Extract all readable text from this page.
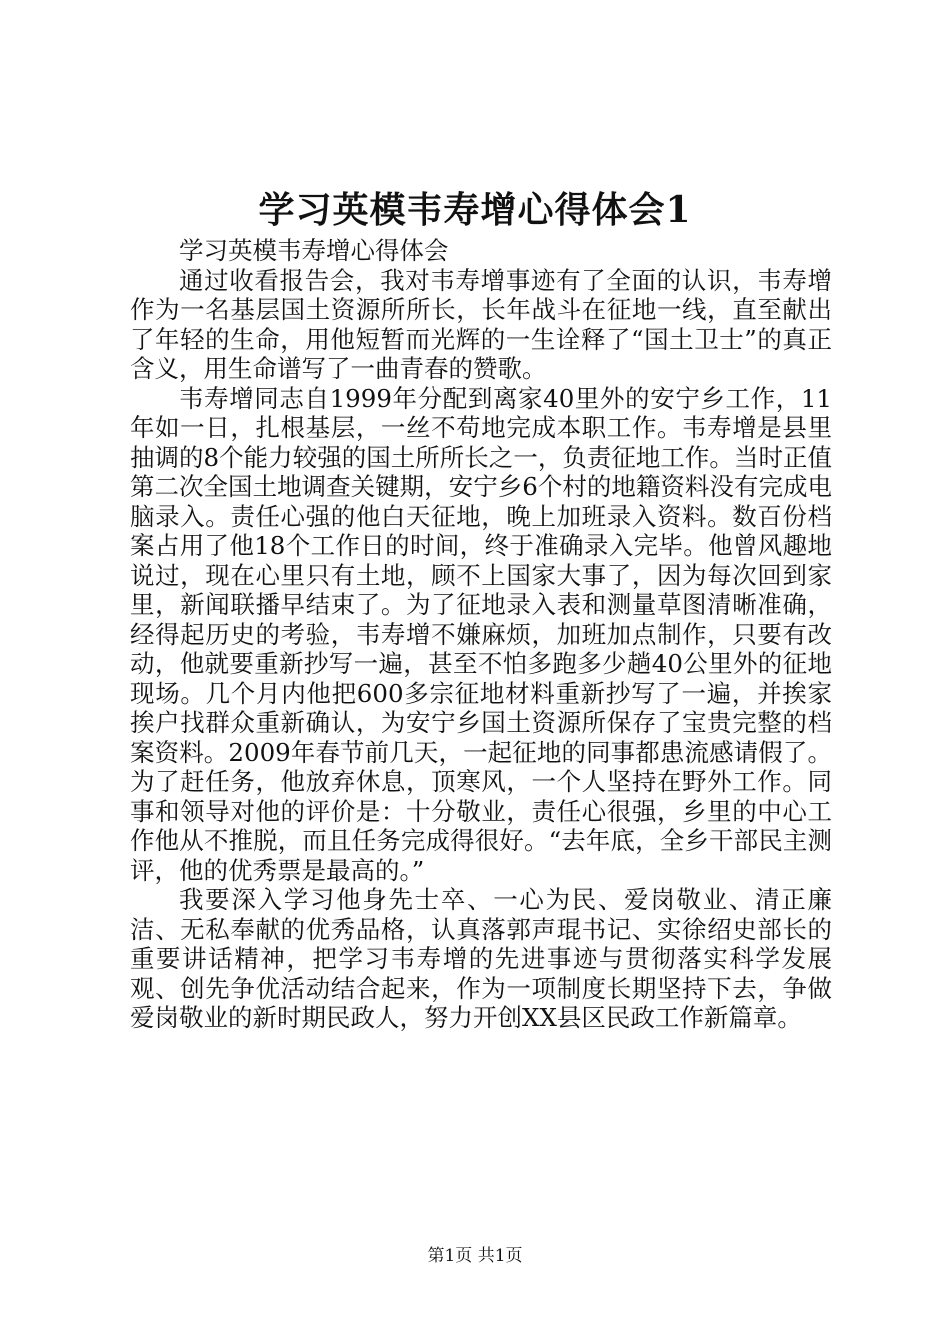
学习英模韦寿增心得体会1

学习英模韦寿增心得体会

通过收看报告会，我对韦寿增事迹有了全面的认识，韦寿增作为一名基层国土资源所所长，长年战斗在征地一线，直至献出了年轻的生命，用他短暂而光辉的一生诠释了“国土卫士”的真正含义，用生命谱写了一曲青春的赞歌。

韦寿增同志自1999年分配到离家40里外的安宁乡工作，11年如一日，扎根基层，一丝不苟地完成本职工作。韦寿增是县里抽调的8个能力较强的国土所所长之一，负责征地工作。当时正值第二次全国土地调查关键期，安宁乡6个村的地籍资料没有完成电脑录入。责任心强的他白天征地，晚上加班录入资料。数百份档案占用了他18个工作日的时间，终于准确录入完毕。他曾风趣地说过，现在心里只有土地，顾不上国家大事了，因为每次回到家里，新闻联播早结束了。为了征地录入表和测量草图清晰准确，经得起历史的考验，韦寿增不嫌麻烦，加班加点制作，只要有改动，他就要重新抄写一遍，甚至不怕多跑多少趟40公里外的征地现场。几个月内他把600多宗征地材料重新抄写了一遍，并挨家挨户找群众重新确认，为安宁乡国土资源所保存了宝贵完整的档案资料。2009年春节前几天，一起征地的同事都患流感请假了。为了赶任务，他放弃休息，顶寒风，一个人坚持在野外工作。同事和领导对他的评价是：十分敬业，责任心很强，乡里的中心工作他从不推脱，而且任务完成得很好。“去年底，全乡干部民主测评，他的优秀票是最高的。”

我要深入学习他身先士卒、一心为民、爱岗敬业、清正廉洁、无私奉献的优秀品格，认真落郭声琨书记、实徐绍史部长的重要讲话精神，把学习韦寿增的先进事迹与贯彻落实科学发展观、创先争优活动结合起来，作为一项制度长期坚持下去，争做爱岗敬业的新时期民政人，努力开创XX县区民政工作新篇章。

第1页 共1页
